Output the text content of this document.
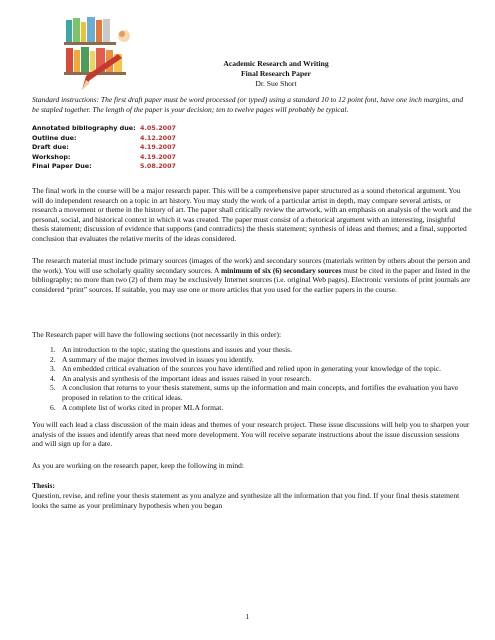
Academic Research and Writing
Final Research Paper
Dr. Sue Short
Standard instructions: The first draft paper must be word processed (or typed) using a standard 10 to 12 point font, have one inch margins, and be stapled together. The length of the paper is your decision; ten to twelve pages will probably be typical.
Annotated bibliography due: 4.05.2007
Outline due:	4.12.2007
Draft due:	4.19.2007
Workshop:	4.19.2007
Final Paper Due:	5.08.2007
The final work in the course will be a major research paper. This will be a comprehensive paper structured as a sound rhetorical argument. You will do independent research on a topic in art history. You may study the work of a particular artist in depth, may compare several artists, or research a movement or theme in the history of art. The paper shall critically review the artwork, with an emphasis on analysis of the work and the personal, social, and historical context in which it was created. The paper must consist of a rhetorical argument with an interesting, insightful thesis statement; discussion of evidence that supports (and contradicts) the thesis statement; synthesis of ideas and themes; and a final, supported conclusion that evaluates the relative merits of the ideas considered.
The research material must include primary sources (images of the work) and secondary sources (materials written by others about the person and the work). You will use scholarly quality secondary sources. A minimum of six (6) secondary sources must be cited in the paper and listed in the bibliography; no more than two (2) of them may be exclusively Internet sources (i.e. original Web pages). Electronic versions of print journals are considered “print” sources. If suitable, you may use one or more articles that you used for the earlier papers in the course.
The Research paper will have the following sections (not necessarily in this order):
1. An introduction to the topic, stating the questions and issues and your thesis.
2. A summary of the major themes involved in issues you identify.
3. An embedded critical evaluation of the sources you have identified and relied upon in generating your knowledge of the topic.
4. An analysis and synthesis of the important ideas and issues raised in your research.
5. A conclusion that returns to your thesis statement, sums up the information and main concepts, and fortifies the evaluation you have proposed in relation to the critical ideas.
6. A complete list of works cited in proper MLA format.
You will each lead a class discussion of the main ideas and themes of your research project. These issue discussions will help you to sharpen your analysis of the issues and identify areas that need more development. You will receive separate instructions about the issue discussion sessions and will sign up for a date.
As you are working on the research paper, keep the following in mind:
Thesis:
Question, revise, and refine your thesis statement as you analyze and synthesize all the information that you find. If your final thesis statement looks the same as your preliminary hypothesis when you began
1
